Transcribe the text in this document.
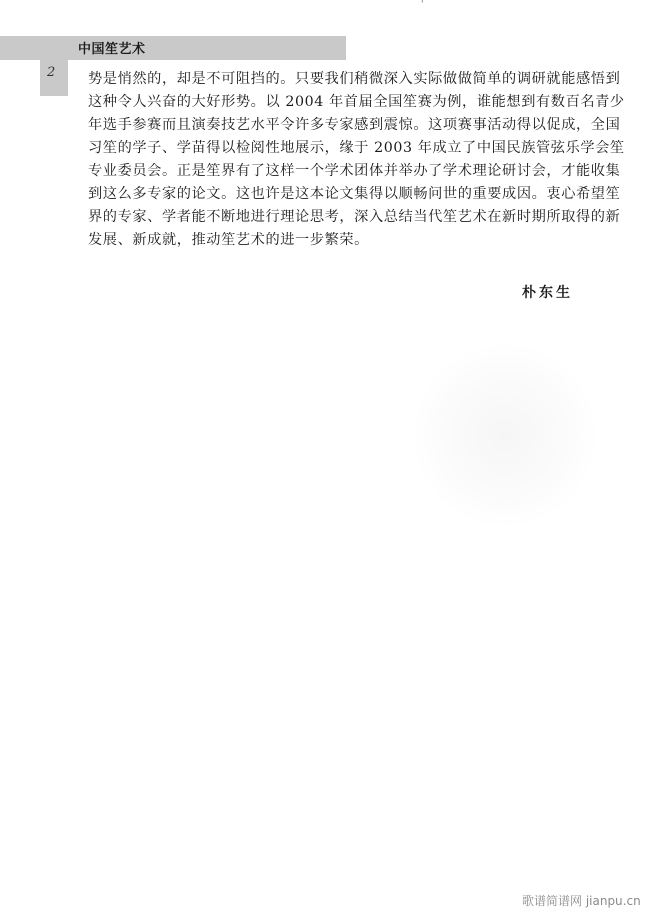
'
中国笙艺术
2 势是悄然的，却是不可阻挡的。只要我们稍微深入实际做做简单的调研就能感悟到
这种令人兴奋的大好形势。以 2004 年首届全国笙赛为例，谁能想到有数百名青少
年选手参赛而且演奏技艺水平令许多专家感到震惊。这项赛事活动得以促成，全国
习笙的学子、学苗得以检阅性地展示，缘于 2003 年成立了中国民族管弦乐学会笙
专业委员会。正是笙界有了这样一个学术团体并举办了学术理论研讨会，才能收集
到这么多专家的论文。这也许是这本论文集得以顺畅问世的重要成因。衷心希望笙
界的专家、学者能不断地进行理论思考，深入总结当代笙艺术在新时期所取得的新
发展、新成就，推动笙艺术的进一步繁荣。
朴东生
歌谱简谱网 jianpu.cn
